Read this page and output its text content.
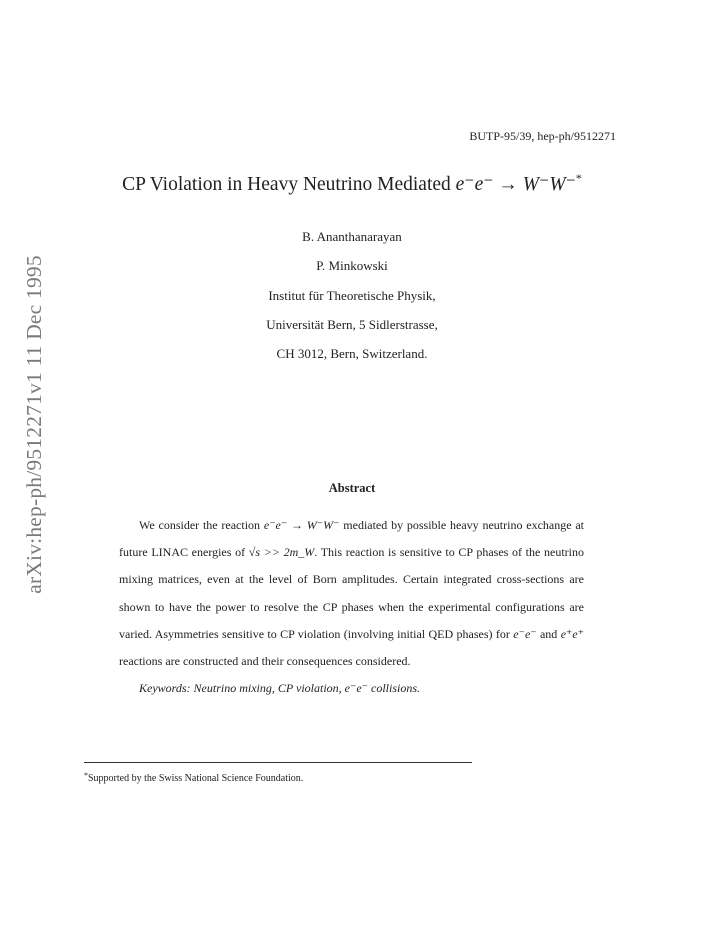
arXiv:hep-ph/9512271v1 11 Dec 1995
BUTP-95/39, hep-ph/9512271
CP Violation in Heavy Neutrino Mediated e⁻e⁻ → W⁻W⁻*
B. Ananthanarayan
P. Minkowski
Institut für Theoretische Physik,
Universität Bern, 5 Sidlerstrasse,
CH 3012, Bern, Switzerland.
Abstract

We consider the reaction e⁻e⁻ → W⁻W⁻ mediated by possible heavy neutrino exchange at future LINAC energies of √s >> 2m_W. This reaction is sensitive to CP phases of the neutrino mixing matrices, even at the level of Born amplitudes. Certain integrated cross-sections are shown to have the power to resolve the CP phases when the experimental configurations are varied. Asymmetries sensitive to CP violation (involving initial QED phases) for e⁻e⁻ and e⁺e⁺ reactions are constructed and their consequences considered.

Keywords: Neutrino mixing, CP violation, e⁻e⁻ collisions.

*Supported by the Swiss National Science Foundation.
